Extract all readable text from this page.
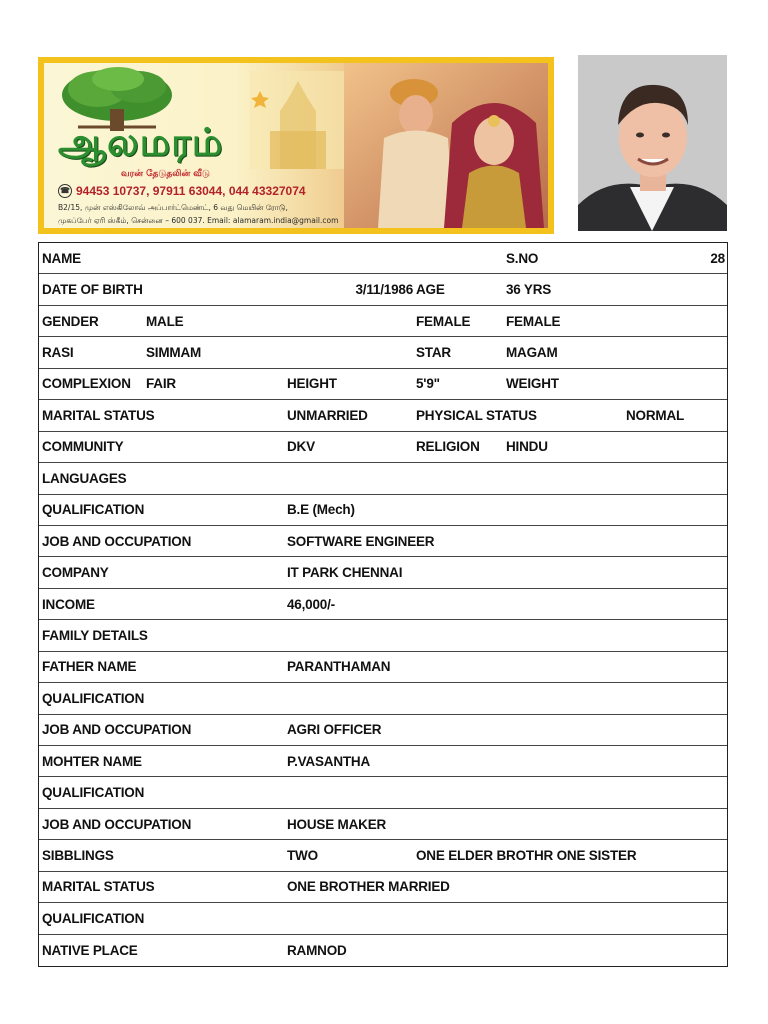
ஆலமரம்
வரன் தேடுதலின் வீடு
☎ 94453 10737, 97911 63044, 044 43327074
B2/15, முன் எஸ்கிலோவ் அப்பார்ட்மெண்ட், 6 வது மெயின் ரோடு,
முகப்பேர் ஏரி ஸ்கீம், சென்னை – 600 037. Email: alamaram.india@gmail.com
NAME	S.NO	28
DATE OF BIRTH	3/11/1986 AGE	36 YRS
GENDER	MALE	FEMALE	FEMALE
RASI	SIMMAM	STAR	MAGAM
COMPLEXION FAIR	HEIGHT	5'9"	WEIGHT
MARITAL STATUS	UNMARRIED	PHYSICAL STATUS	NORMAL
COMMUNITY	DKV	RELIGION HINDU
LANGUAGES
QUALIFICATION	B.E (Mech)
JOB AND OCCUPATION	SOFTWARE ENGINEER
COMPANY	IT PARK CHENNAI
INCOME	46,000/-
FAMILY DETAILS
FATHER NAME	PARANTHAMAN
QUALIFICATION
JOB AND OCCUPATION	AGRI OFFICER
MOHTER NAME	P.VASANTHA
QUALIFICATION
JOB AND OCCUPATION	HOUSE MAKER
SIBBLINGS	TWO	ONE ELDER BROTHR ONE SISTER
MARITAL STATUS	ONE BROTHER MARRIED
QUALIFICATION
NATIVE PLACE	RAMNOD
